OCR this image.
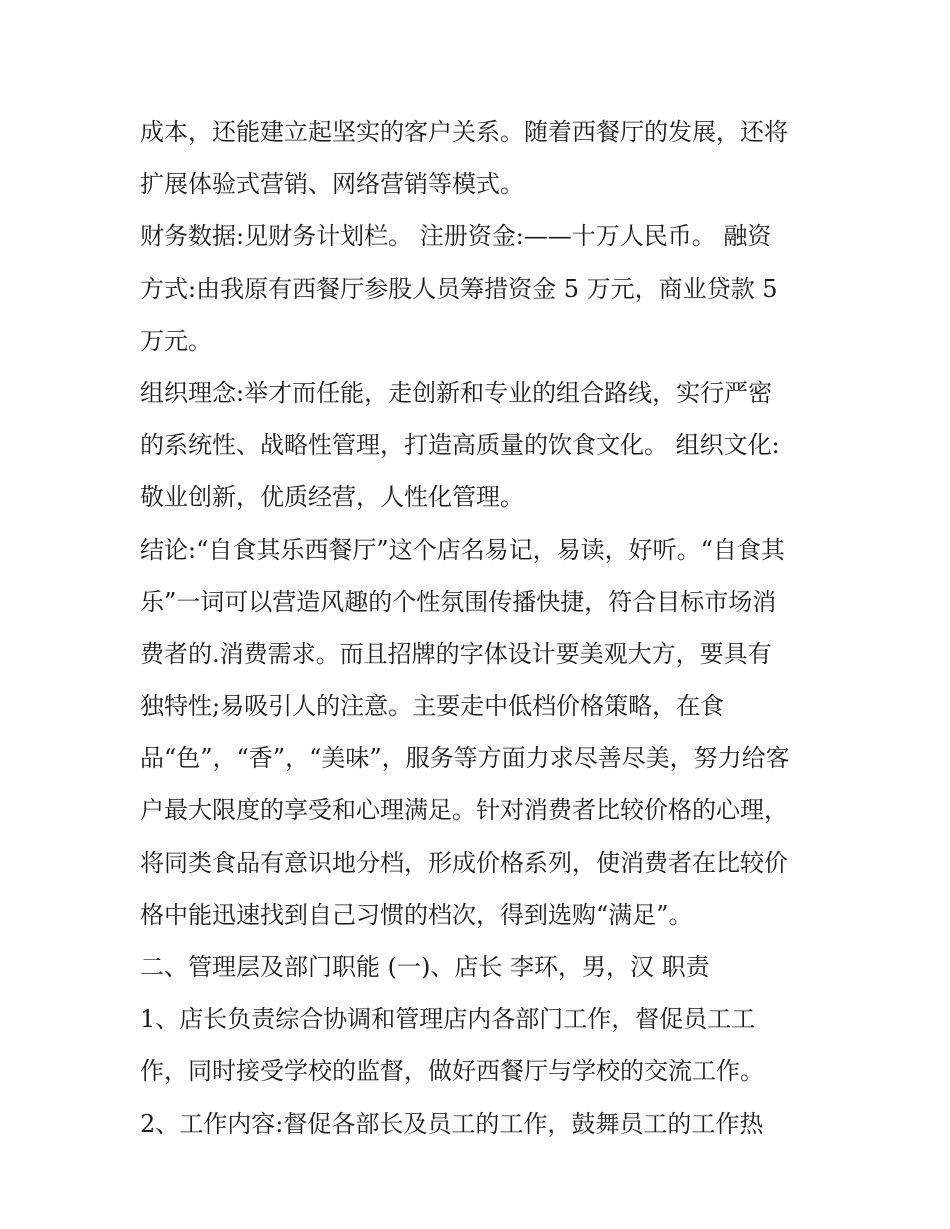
成本，还能建立起坚实的客户关系。随着西餐厅的发展，还将
扩展体验式营销、网络营销等模式。
财务数据:见财务计划栏。 注册资金:——十万人民币。 融资
方式:由我原有西餐厅参股人员筹措资金 5 万元，商业贷款 5
万元。
组织理念:举才而任能，走创新和专业的组合路线，实行严密
的系统性、战略性管理，打造高质量的饮食文化。 组织文化:
敬业创新，优质经营，人性化管理。
结论:“自食其乐西餐厅”这个店名易记，易读，好听。“自食其
乐”一词可以营造风趣的个性氛围传播快捷，符合目标市场消
费者的.消费需求。而且招牌的字体设计要美观大方，要具有
独特性;易吸引人的注意。主要走中低档价格策略，在食
品“色”，“香”，“美味”，服务等方面力求尽善尽美，努力给客
户最大限度的享受和心理满足。针对消费者比较价格的心理，
将同类食品有意识地分档，形成价格系列，使消费者在比较价
格中能迅速找到自己习惯的档次，得到选购“满足”。
二、管理层及部门职能 (一)、店长 李环，男，汉 职责
1、店长负责综合协调和管理店内各部门工作，督促员工工
作，同时接受学校的监督，做好西餐厅与学校的交流工作。
2、工作内容:督促各部长及员工的工作，鼓舞员工的工作热
